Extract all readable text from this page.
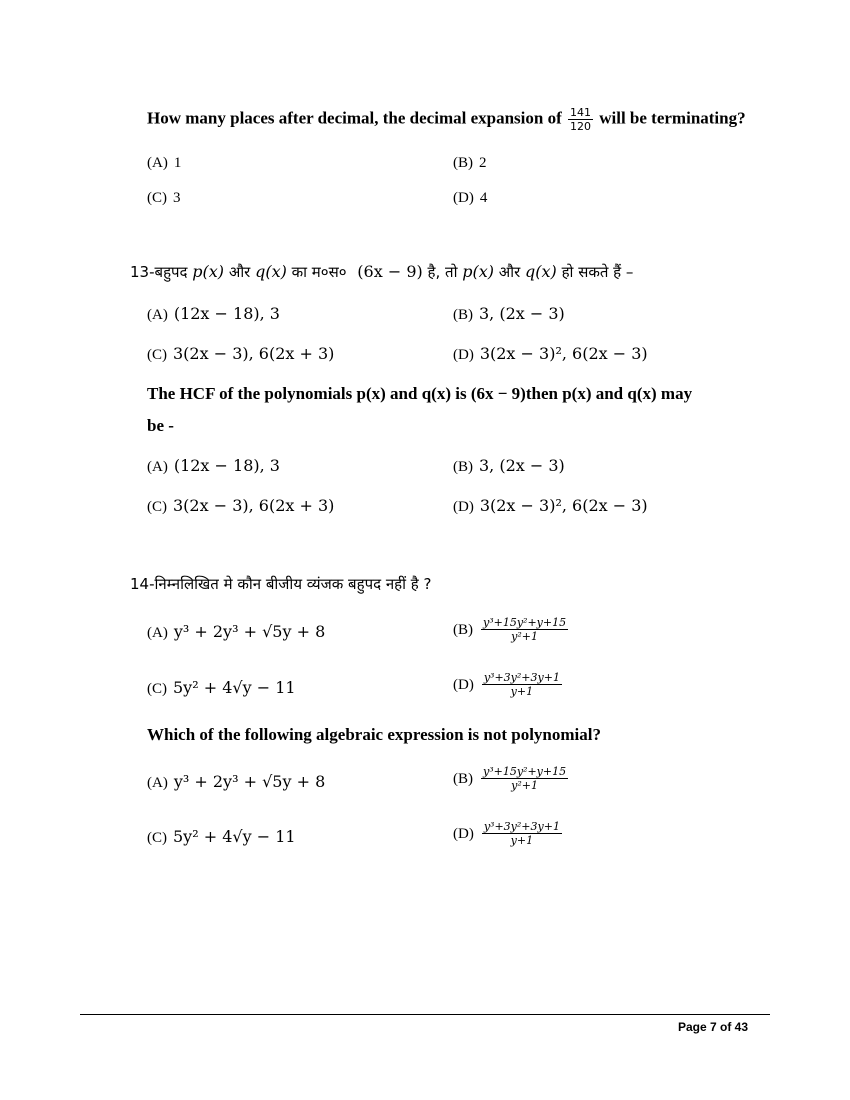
How many places after decimal, the decimal expansion of $\frac{141}{120}$ will be terminating?
(A) 1	(B) 2
(C) 3	(D) 4
13-बहुपद p(x) और q(x) का म०स० (6x − 9) है, तो p(x) और q(x) हो सकते हैं –
(A) (12x − 18), 3	(B) 3, (2x − 3)
(C) 3(2x − 3), 6(2x + 3)	(D) 3(2x − 3)², 6(2x − 3)
The HCF of the polynomials p(x) and q(x) is (6x − 9)then p(x) and q(x) may
be -
(A) (12x − 18), 3	(B) 3, (2x − 3)
(C) 3(2x − 3), 6(2x + 3)	(D) 3(2x − 3)², 6(2x − 3)
14-निम्नलिखित मे कौन बीजीय व्यंजक बहुपद नहीं है ?
(A) y³ + 2y³ + √5y + 8	$(B) \frac{\text{y³+15y²+y+15}}{\text{y²+1}}$
(C) 5y² + 4√y − 11	$(D) \frac{\text{y³+3y²+3y+1}}{y+1}$
Which of the following algebraic expression is not polynomial?
(A) y³ + 2y³ + √5y + 8	$(B) \frac{\text{y³+15y²+y+15}}{\text{y²+1}}$
(C) 5y² + 4√y − 11	$(D) \frac{\text{y³+3y²+3y+1}}{y+1}$
Page 7 of 43
